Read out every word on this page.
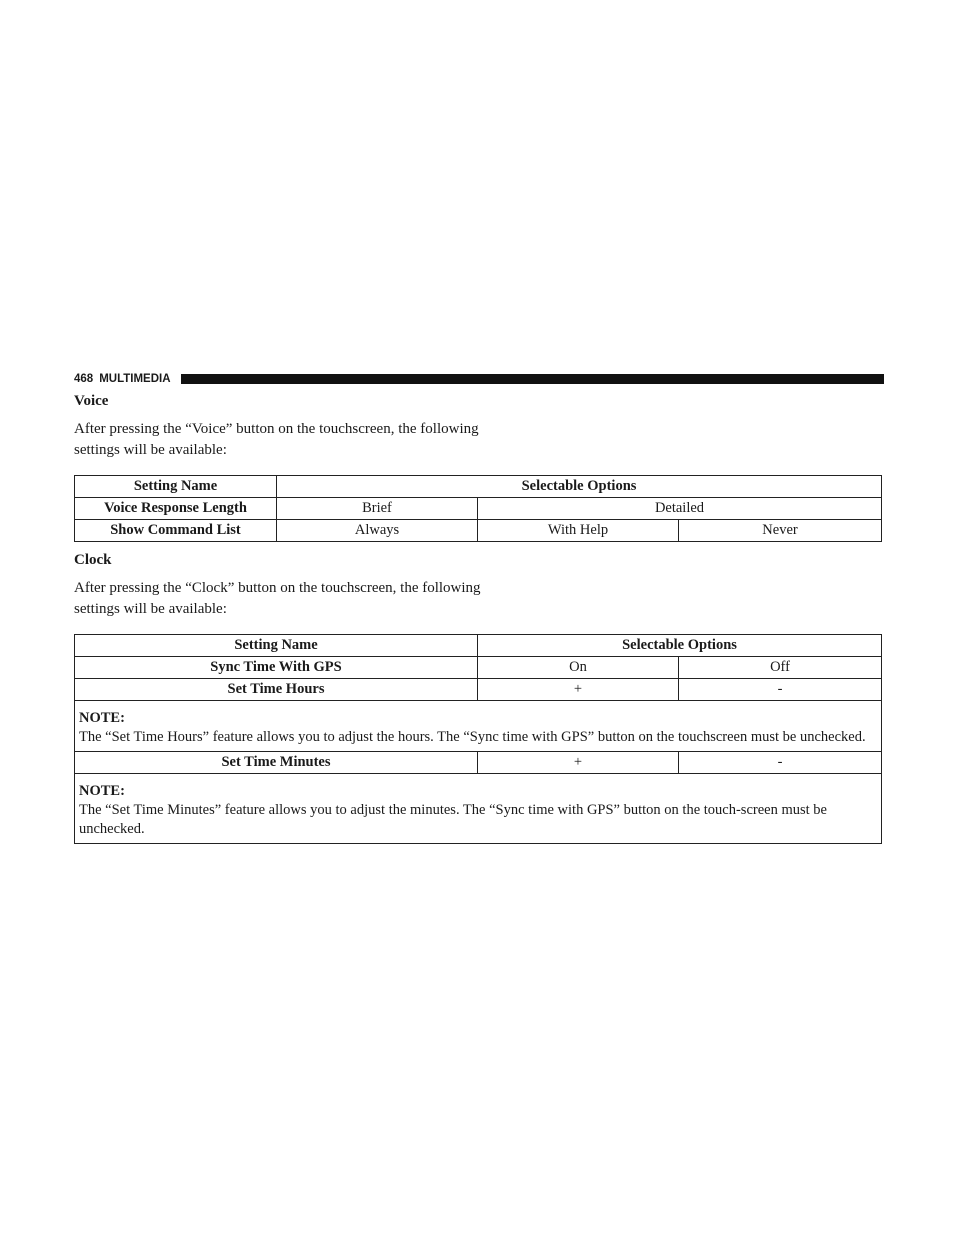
468 MULTIMEDIA
Voice

After pressing the “Voice” button on the touchscreen, the following settings will be available:

Setting Name	Selectable Options		
Voice Response Length	Brief	Detailed	
Show Command List	Always	With Help	Never
Clock

After pressing the “Clock” button on the touchscreen, the following settings will be available:

Setting Name	Selectable Options	
Sync Time With GPS	On	Off
Set Time Hours	+	-

NOTE:
The “Set Time Hours” feature allows you to adjust the hours. The “Sync time with GPS” button on the touchscreen must be unchecked.		
Set Time Minutes	+	-

NOTE:
The “Set Time Minutes” feature allows you to adjust the minutes. The “Sync time with GPS” button on the touch-screen must be unchecked.		
